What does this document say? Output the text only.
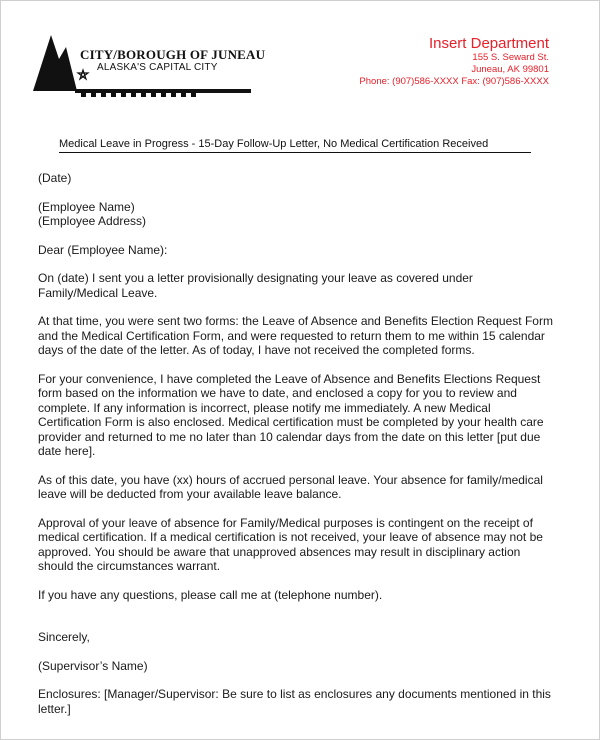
CITY/BOROUGH OF JUNEAU
ALASKA'S CAPITAL CITY
Insert Department
155 S. Seward St.
Juneau, AK 99801
Phone: (907)586-XXXX Fax: (907)586-XXXX
Medical Leave in Progress - 15-Day Follow-Up Letter, No Medical Certification Received

(Date)

(Employee Name)

(Employee Address)

Dear (Employee Name):

On (date) I sent you a letter provisionally designating your leave as covered under Family/Medical Leave.

At that time, you were sent two forms: the Leave of Absence and Benefits Election Request Form and the Medical Certification Form, and were requested to return them to me within 15 calendar days of the date of the letter. As of today, I have not received the completed forms.

For your convenience, I have completed the Leave of Absence and Benefits Elections Request form based on the information we have to date, and enclosed a copy for you to review and complete. If any information is incorrect, please notify me immediately. A new Medical Certification Form is also enclosed. Medical certification must be completed by your health care provider and returned to me no later than 10 calendar days from the date on this letter [put due date here].

As of this date, you have (xx) hours of accrued personal leave. Your absence for family/medical leave will be deducted from your available leave balance.

Approval of your leave of absence for Family/Medical purposes is contingent on the receipt of medical certification. If a medical certification is not received, your leave of absence may not be approved. You should be aware that unapproved absences may result in disciplinary action should the circumstances warrant.

If you have any questions, please call me at (telephone number).

Sincerely,

(Supervisor’s Name)

Enclosures: [Manager/Supervisor: Be sure to list as enclosures any documents mentioned in this letter.]
